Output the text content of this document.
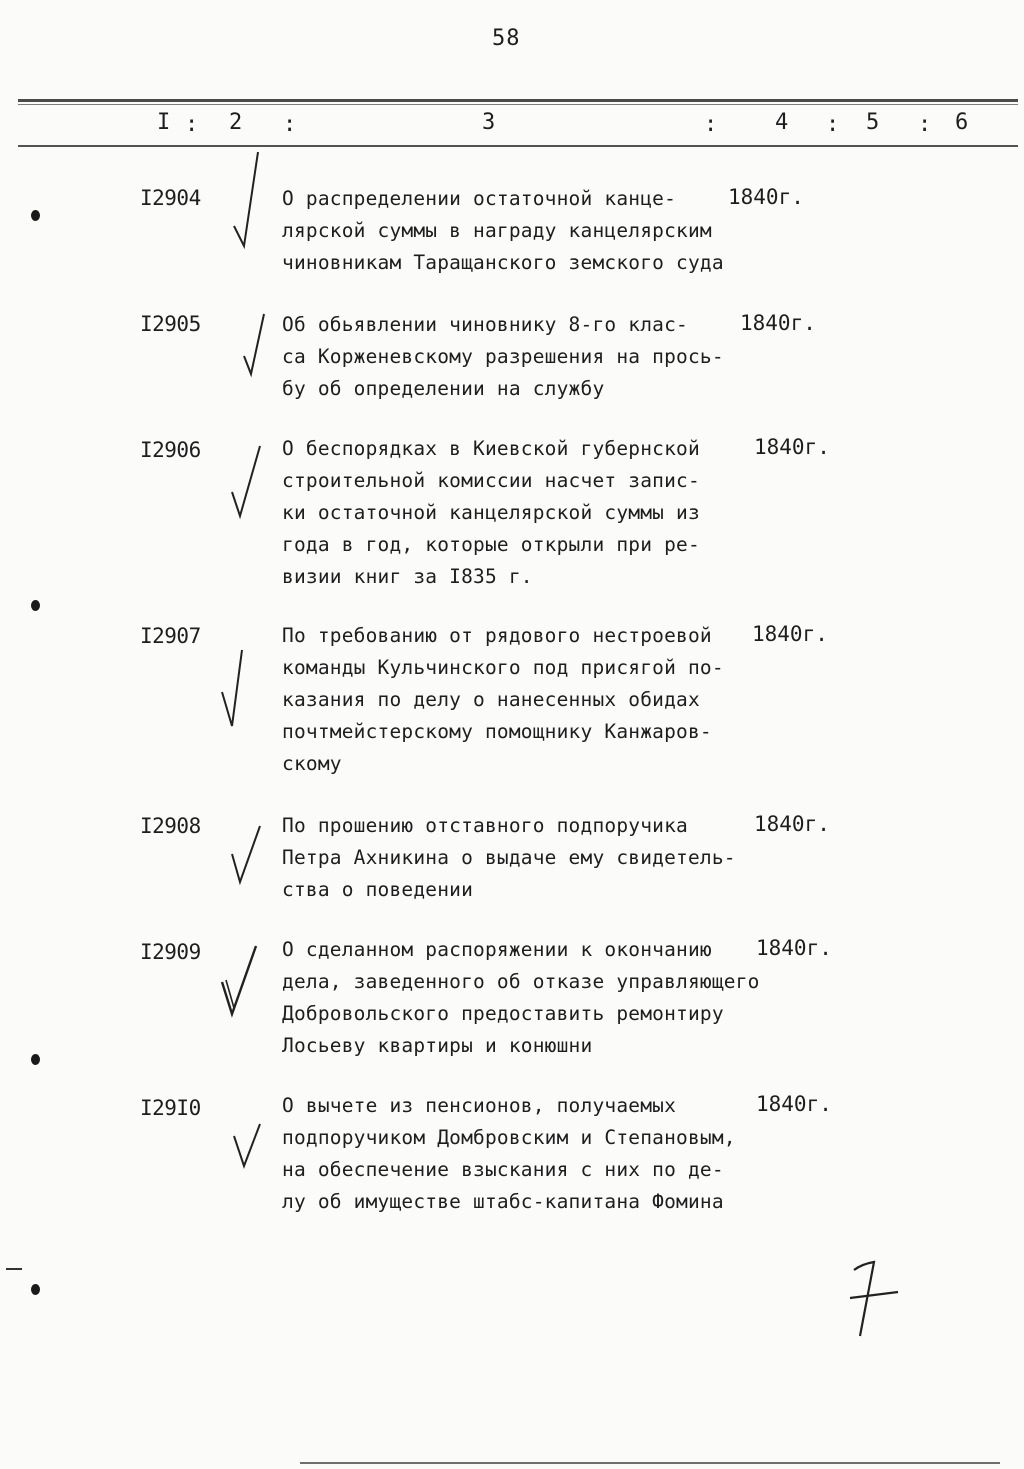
58
I : 2 :	3	:	4 : 5 : 6
I2904	О распределении остаточной канце-
лярской суммы в награду канцелярским
чиновникам Таращанского земского суда
1840г.
I2905	Об обьявлении чиновнику 8-го клас-
са Корженевскому разрешения на прось-
бу об определении на службу
1840г.
I2906	О беспорядках в Киевской губернской
строительной комиссии насчет запис-
ки остаточной канцелярской суммы из
года в год, которые открыли при ре-
визии книг за I835 г.
1840г.
I2907	По требованию от рядового нестроевой
команды Кульчинского под присягой по-
казания по делу о нанесенных обидах
почтмейстерскому помощнику Канжаров-
скому
1840г.
I2908	По прошению отставного подпоручика
Петра Ахникина о выдаче ему свидетель-
ства о поведении
1840г.
I2909	О сделанном распоряжении к окончанию
дела, заведенного об отказе управляющего
Добровольского предоставить ремонтиру
Лосьеву квартиры и конюшни
1840г.
I29I0	О вычете из пенсионов, получаемых
подпоручиком Домбровским и Степановым,
на обеспечение взыскания с них по де-
лу об имуществе штабс-капитана Фомина
1840г.
